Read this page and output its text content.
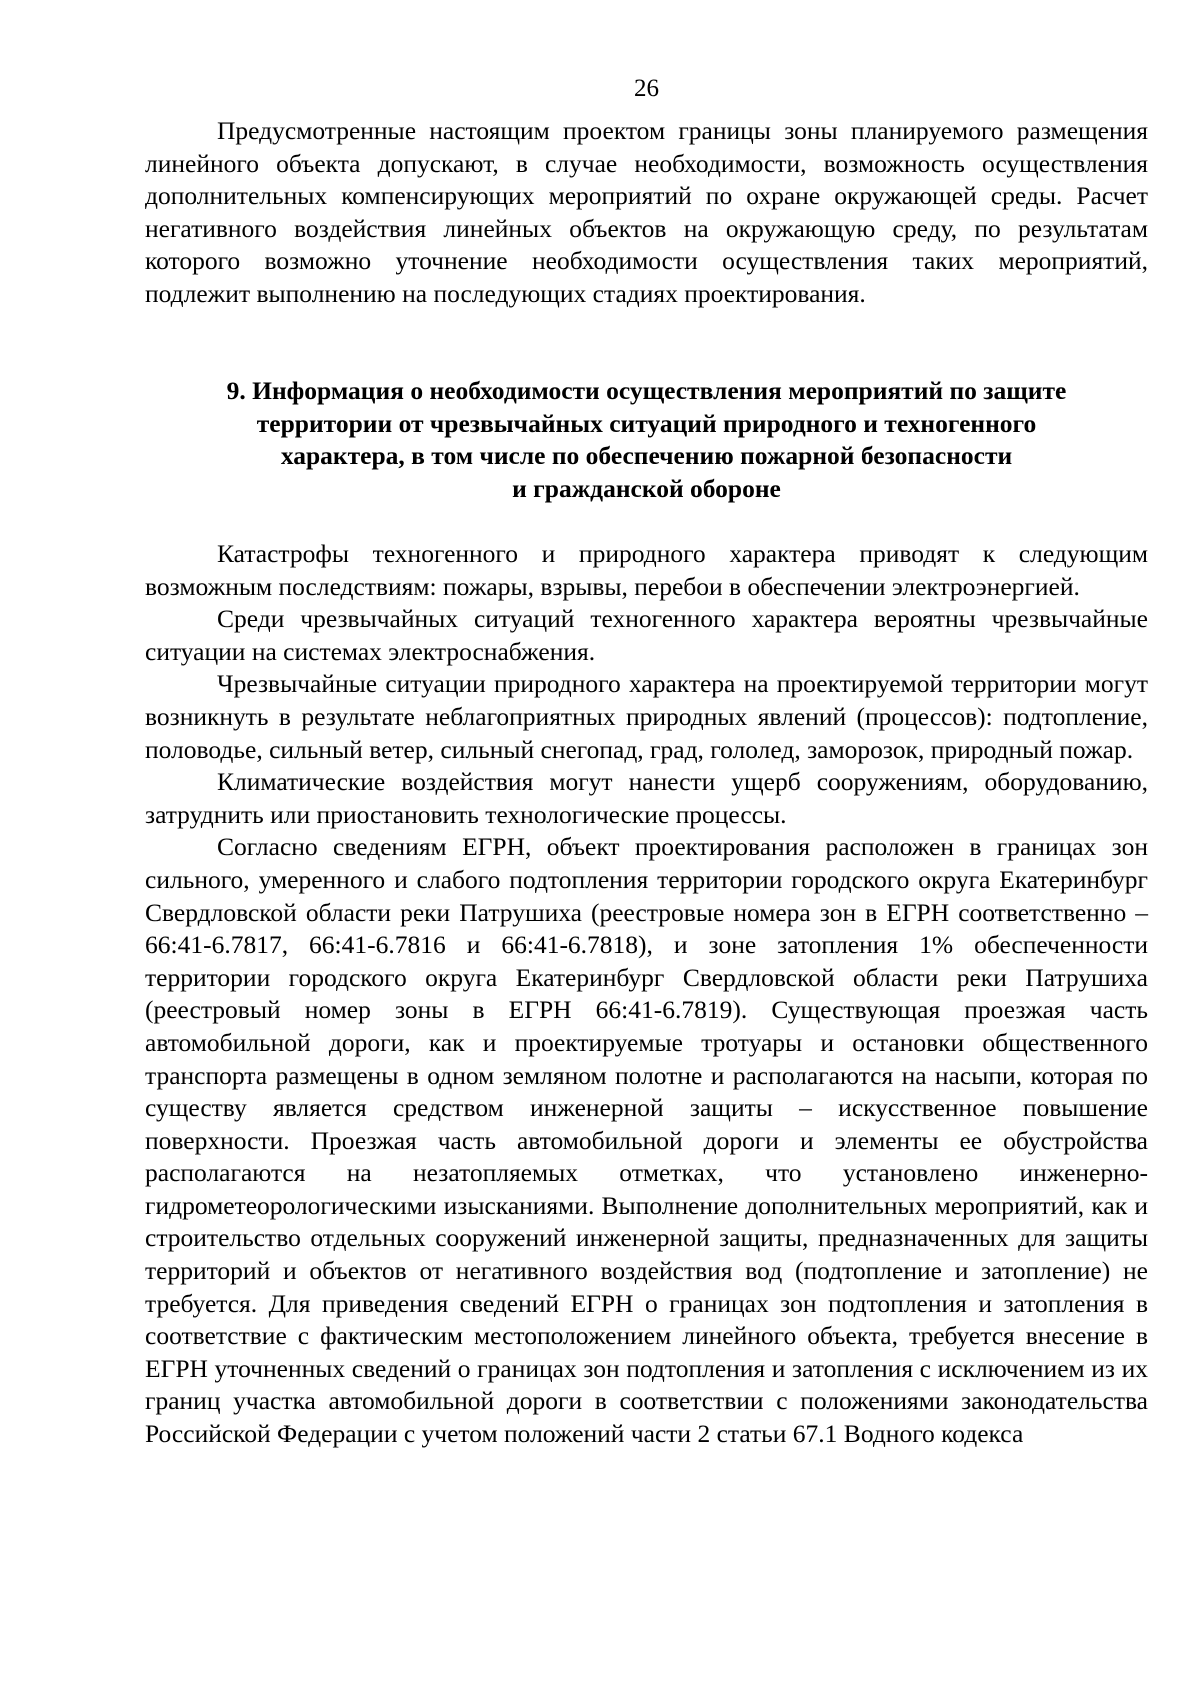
26

Предусмотренные настоящим проектом границы зоны планируемого размещения линейного объекта допускают, в случае необходимости, возможность осуществления дополнительных компенсирующих мероприятий по охране окружающей среды. Расчет негативного воздействия линейных объектов на окружающую среду, по результатам которого возможно уточнение необходимости осуществления таких мероприятий, подлежит выполнению на последующих стадиях проектирования.

9. Информация о необходимости осуществления мероприятий по защите
территории от чрезвычайных ситуаций природного и техногенного
характера, в том числе по обеспечению пожарной безопасности
и гражданской обороне

Катастрофы техногенного и природного характера приводят к следующим возможным последствиям: пожары, взрывы, перебои в обеспечении электроэнергией.

Среди чрезвычайных ситуаций техногенного характера вероятны чрезвычайные ситуации на системах электроснабжения.

Чрезвычайные ситуации природного характера на проектируемой территории могут возникнуть в результате неблагоприятных природных явлений (процессов): подтопление, половодье, сильный ветер, сильный снегопад, град, гололед, заморозок, природный пожар.

Климатические воздействия могут нанести ущерб сооружениям, оборудованию, затруднить или приостановить технологические процессы.

Согласно сведениям ЕГРН, объект проектирования расположен в границах зон сильного, умеренного и слабого подтопления территории городского округа Екатеринбург Свердловской области реки Патрушиха (реестровые номера зон в ЕГРН соответственно – 66:41-6.7817, 66:41-6.7816 и 66:41-6.7818), и зоне затопления 1% обеспеченности территории городского округа Екатеринбург Свердловской области реки Патрушиха (реестровый номер зоны в ЕГРН 66:41-6.7819). Существующая проезжая часть автомобильной дороги, как и проектируемые тротуары и остановки общественного транспорта размещены в одном земляном полотне и располагаются на насыпи, которая по существу является средством инженерной защиты – искусственное повышение поверхности. Проезжая часть автомобильной дороги и элементы ее обустройства располагаются на незатопляемых отметках, что установлено инженерно-гидрометеорологическими изысканиями. Выполнение дополнительных мероприятий, как и строительство отдельных сооружений инженерной защиты, предназначенных для защиты территорий и объектов от негативного воздействия вод (подтопление и затопление) не требуется. Для приведения сведений ЕГРН о границах зон подтопления и затопления в соответствие с фактическим местоположением линейного объекта, требуется внесение в ЕГРН уточненных сведений о границах зон подтопления и затопления с исключением из их границ участка автомобильной дороги в соответствии с положениями законодательства Российской Федерации с учетом положений части 2 статьи 67.1 Водного кодекса
